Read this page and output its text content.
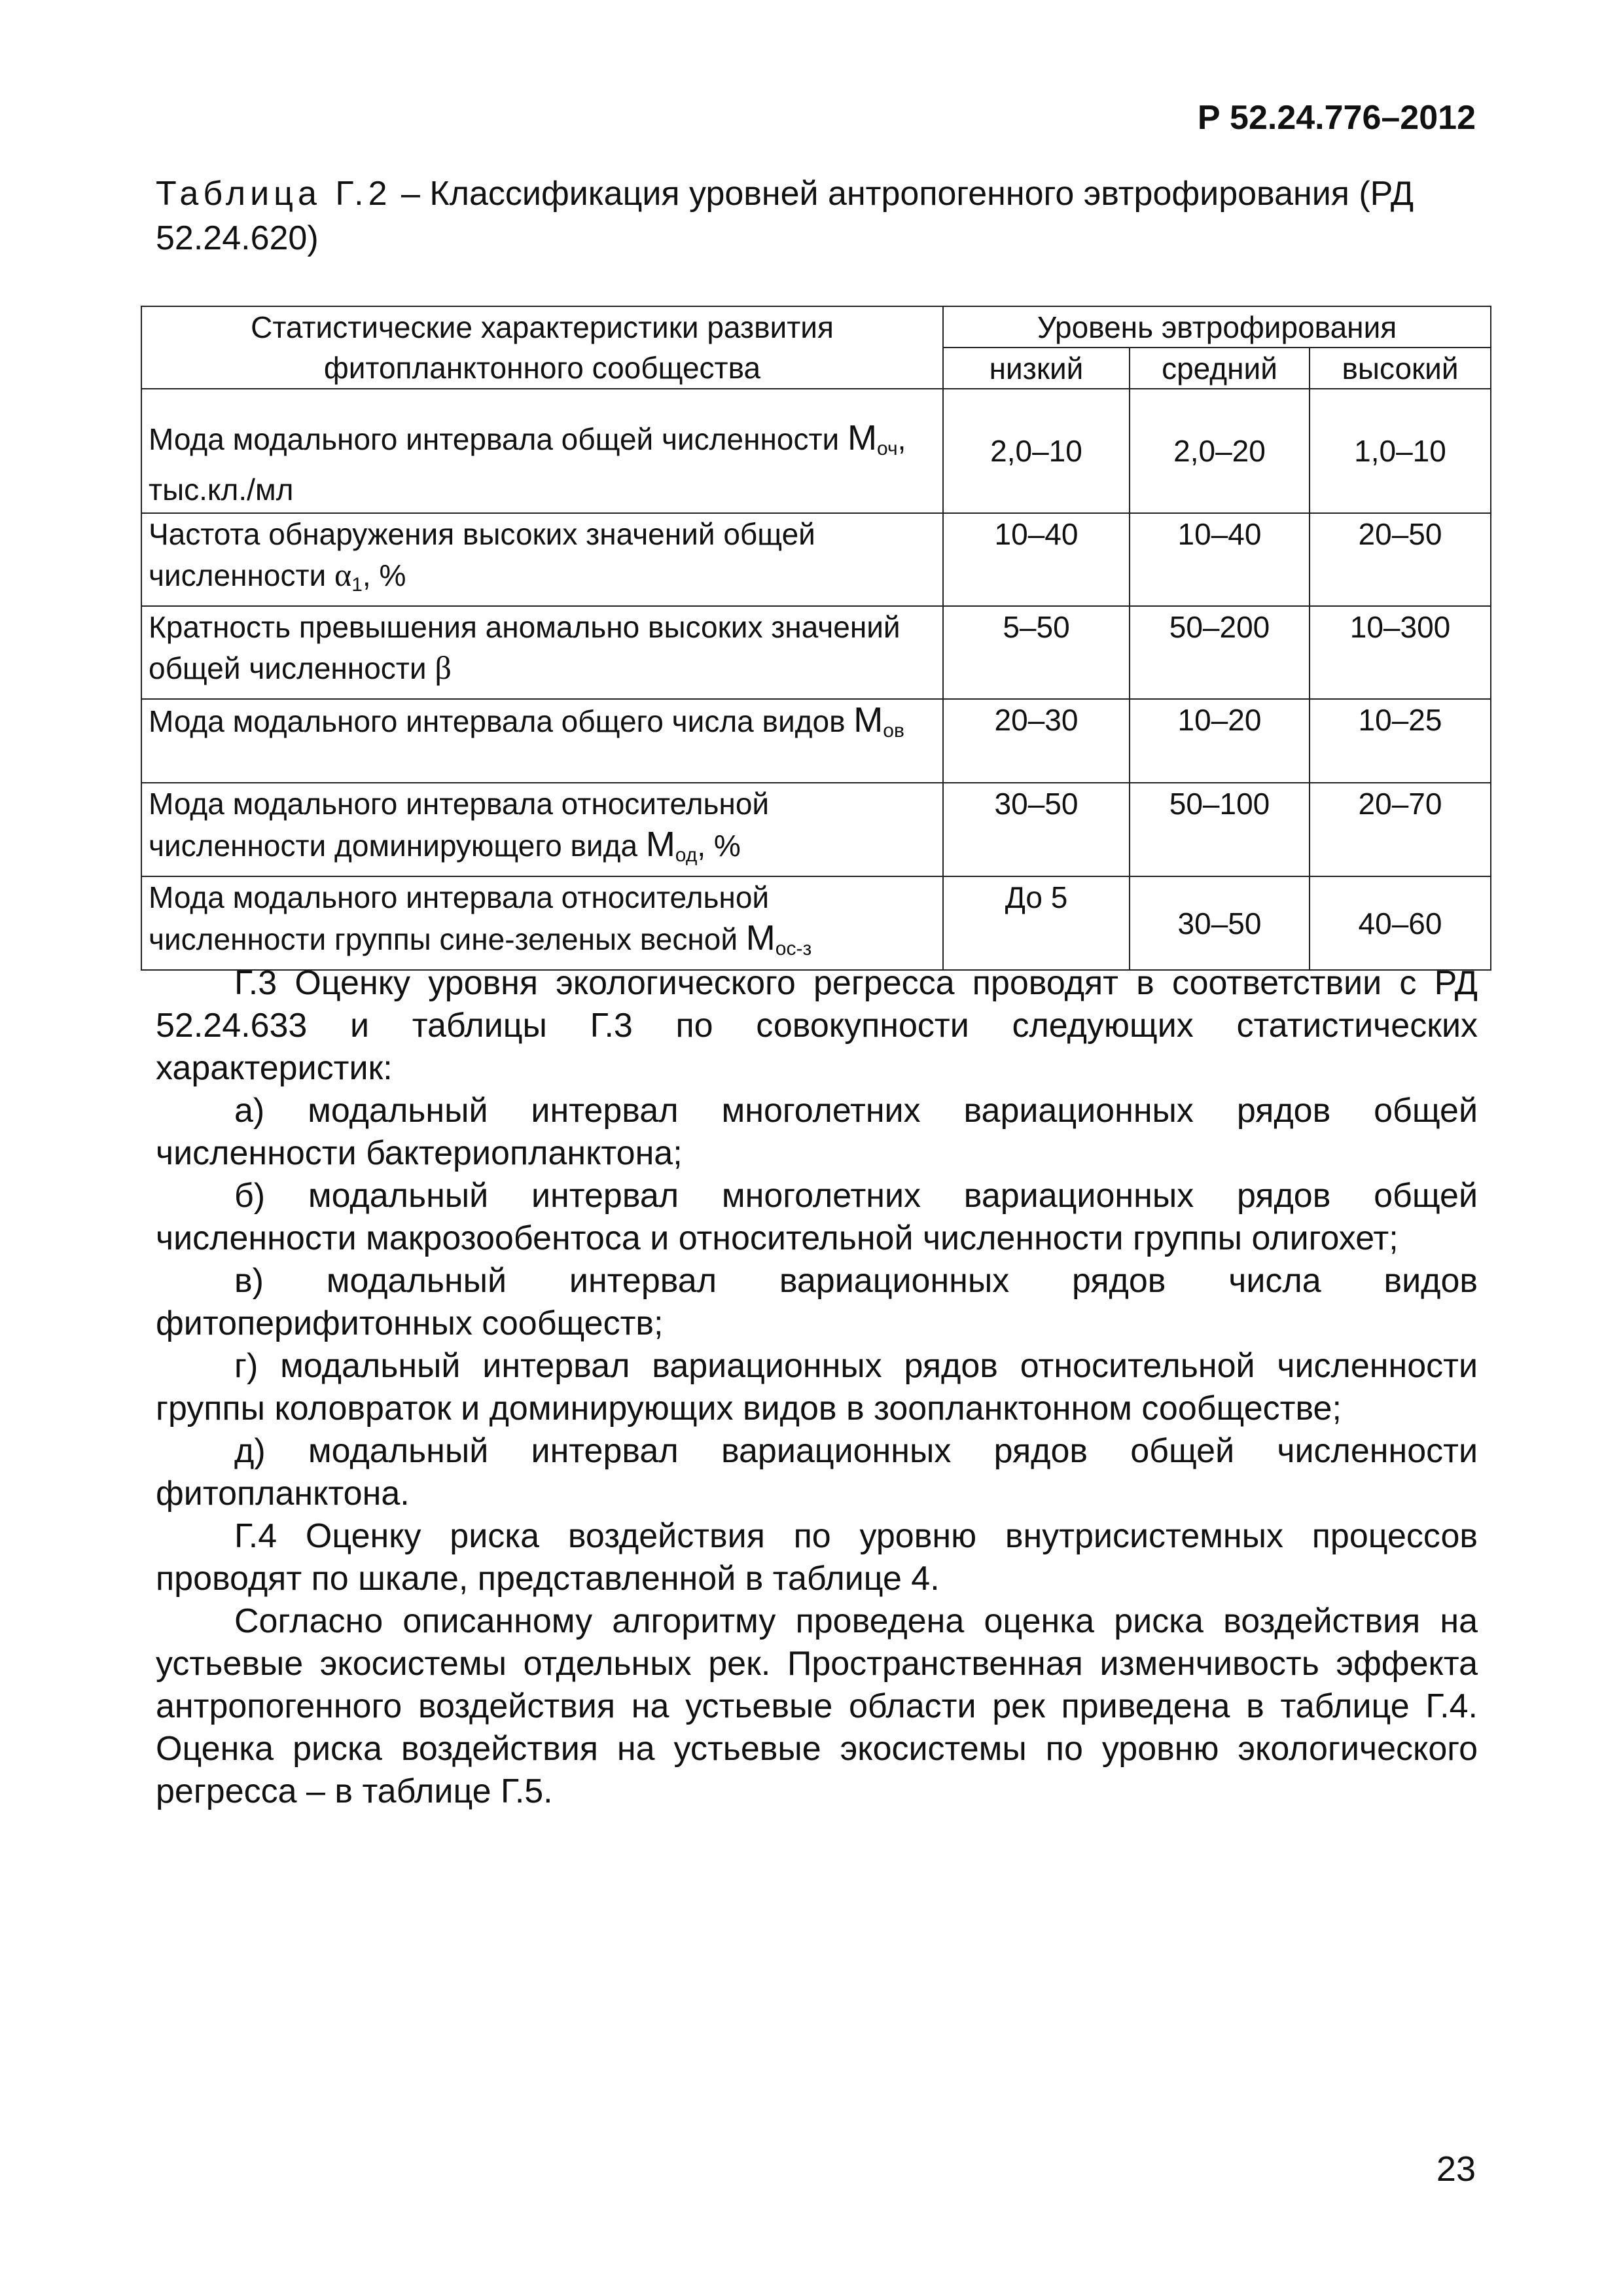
Р 52.24.776–2012
Таблица Г.2 – Классификация уровней антропогенного эвтрофирования (РД 52.24.620)
Статистические характеристики развития фитопланктонного сообщества	Уровень эвтрофирования		
	низкий	средний	высокий
Мода модального интервала общей численности $M_{оч}$, тыс.кл./мл	2,0–10	2,0–20	1,0–10
Частота обнаружения высоких значений общей численности $\alpha_1$, %	10–40	10–40	20–50
Кратность превышения аномально высоких значений общей численности β	5–50	50–200	10–300
Мода модального интервала общего числа видов $M_{ов}$	20–30	10–20	10–25
Мода модального интервала относительной численности доминирующего вида $M_{од}$, %	30–50	50–100	20–70
Мода модального интервала относительной численности группы сине-зеленых весной $M_{ос-з}$	До 5	30–50	40–60

Г.3 Оценку уровня экологического регресса проводят в соответствии с РД 52.24.633 и таблицы Г.3 по совокупности следующих статистических характеристик:

а) модальный интервал многолетних вариационных рядов общей численности бактериопланктона;

б) модальный интервал многолетних вариационных рядов общей численности макрозообентоса и относительной численности группы олигохет;

в) модальный интервал вариационных рядов числа видов фитоперифитонных сообществ;

г) модальный интервал вариационных рядов относительной численности группы коловраток и доминирующих видов в зоопланктонном сообществе;

д) модальный интервал вариационных рядов общей численности фитопланктона.

Г.4 Оценку риска воздействия по уровню внутрисистемных процессов проводят по шкале, представленной в таблице 4.

Согласно описанному алгоритму проведена оценка риска воздействия на устьевые экосистемы отдельных рек. Пространственная изменчивость эффекта антропогенного воздействия на устьевые области рек приведена в таблице Г.4. Оценка риска воздействия на устьевые экосистемы по уровню экологического регресса – в таблице Г.5.

23
